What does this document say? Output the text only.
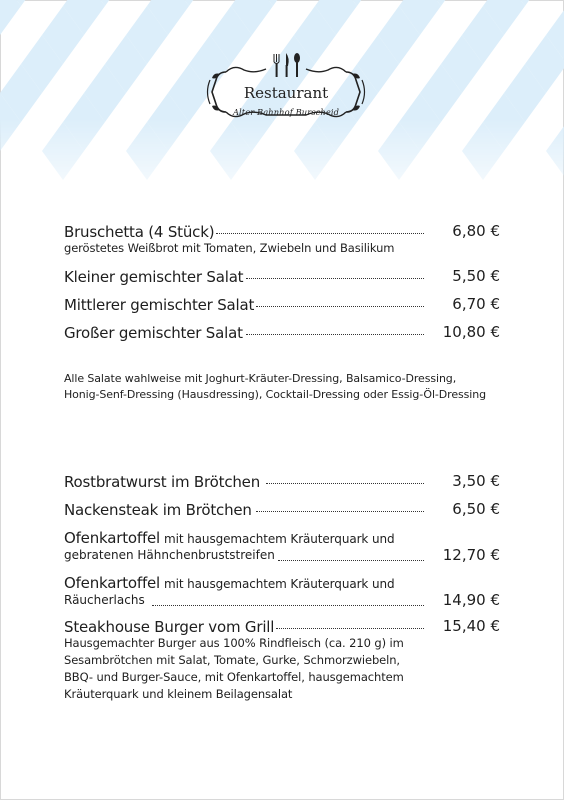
Restaurant
Alter Bahnhof Burscheid
Bruschetta (4 Stück)	6,80 €
geröstetes Weißbrot mit Tomaten, Zwiebeln und Basilikum
Kleiner gemischter Salat	5,50 €
Mittlerer gemischter Salat	6,70 €
Großer gemischter Salat	10,80 €
Alle Salate wahlweise mit Joghurt-Kräuter-Dressing, Balsamico-Dressing,
Honig-Senf-Dressing (Hausdressing), Cocktail-Dressing oder Essig-Öl-Dressing
Rostbratwurst im Brötchen	3,50 €
Nackensteak im Brötchen	6,50 €
Ofenkartoffel mit hausgemachtem Kräuterquark und
gebratenen Hähnchenbruststreifen	12,70 €
Ofenkartoffel mit hausgemachtem Kräuterquark und
Räucherlachs	14,90 €
Steakhouse Burger vom Grill	15,40 €
Hausgemachter Burger aus 100% Rindfleisch (ca. 210 g) im
Sesambrötchen mit Salat, Tomate, Gurke, Schmorzwiebeln,
BBQ- und Burger-Sauce, mit Ofenkartoffel, hausgemachtem
Kräuterquark und kleinem Beilagensalat
